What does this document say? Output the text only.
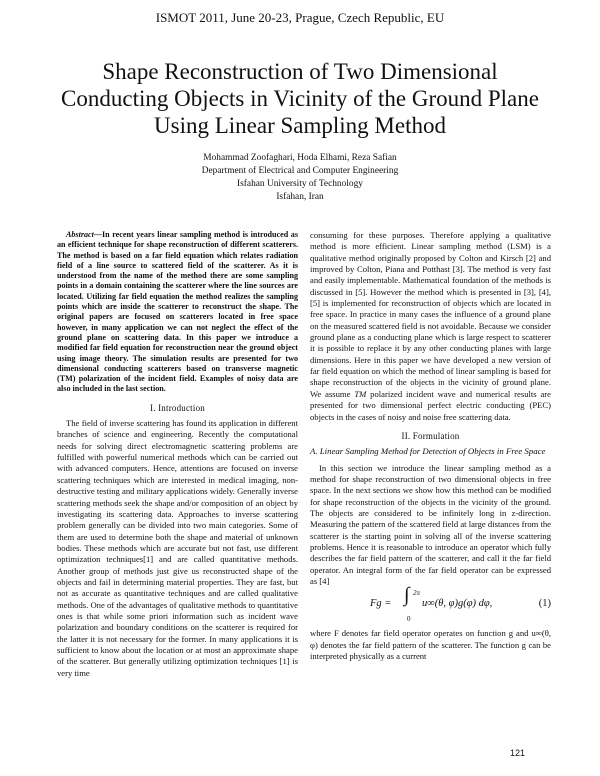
ISMOT 2011, June 20-23, Prague, Czech Republic, EU
Shape Reconstruction of Two Dimensional
Conducting Objects in Vicinity of the Ground Plane
Using Linear Sampling Method
Mohammad Zoofaghari, Hoda Elhami, Reza Safian
Department of Electrical and Computer Engineering
Isfahan University of Technology
Isfahan, Iran

Abstract—In recent years linear sampling method is introduced as an efficient technique for shape reconstruction of different scatterers. The method is based on a far field equation which relates radiation field of a line source to scattered field of the scatterer. As it is understood from the name of the method there are some sampling points in a domain containing the scatterer where the line sources are located. Utilizing far field equation the method realizes the sampling points which are inside the scatterer to reconstruct the shape. The original papers are focused on scatterers located in free space however, in many application we can not neglect the effect of the ground plane on scattering data. In this paper we introduce a modified far field equation for reconstruction near the ground object using image theory. The simulation results are presented for two dimensional conducting scatterers based on transverse magnetic (TM) polarization of the incident field. Examples of noisy data are also included in the last section.

I. Introduction

The field of inverse scattering has found its application in different branches of science and engineering. Recently the computational needs for solving direct electromagnetic scattering problems are fulfilled with powerful numerical methods which can be carried out with advanced computers. Hence, attentions are focused on inverse scattering techniques which are interested in medical imaging, non-destructive testing and military applications widely. Generally inverse scattering methods seek the shape and/or composition of an object by investigating its scattering data. Approaches to inverse scattering problem generally can be divided into two main categories. Some of them are used to determine both the shape and material of unknown bodies. These methods which are accurate but not fast, use different optimization techniques[1] and are called quantitative methods. Another group of methods just give us reconstructed shape of the objects and fail in determining material properties. They are fast, but not as accurate as quantitative techniques and are called qualitative methods. One of the advantages of qualitative methods to quantitative ones is that while some priori information such as incident wave polarization and boundary conditions on the scatterer is required for the latter it is not necessary for the former. In many applications it is sufficient to know about the location or at most an approximate shape of the scatterer. But generally utilizing optimization techniques [1] is very time

consuming for these purposes. Therefore applying a qualitative method is more efficient. Linear sampling method (LSM) is a qualitative method originally proposed by Colton and Kirsch [2] and improved by Colton, Piana and Potthast [3]. The method is very fast and easily implementable. Mathematical foundation of the methods is discussed in [5]. However the method which is presented in [3], [4], [5] is implemented for reconstruction of objects which are located in free space. In practice in many cases the influence of a ground plane on the measured scattered field is not avoidable. Because we consider ground plane as a conducting plane which is large respect to scatterer it is possible to replace it by any other conducting planes with large dimensions. Here in this paper we have developed a new version of far field equation on which the method of linear sampling is based for shape reconstruction of the objects in the vicinity of ground plane. We assume TM polarized incident wave and numerical results are presented for two dimensional perfect electric conducting (PEC) objects in the cases of noisy and noise free scattering data.

II. Formulation
A. Linear Sampling Method for Detection of Objects in Free Space

In this section we introduce the linear sampling method as a method for shape reconstruction of two dimensional objects in free space. In the next sections we show how this method can be modified for shape reconstruction of the objects in the vicinity of the ground. The objects are considered to be infinitely long in z-direction. Measuring the pattern of the scattered field at large distances from the scatterer is the starting point in solving all of the inverse scattering problems. Hence it is reasonable to introduce an operator which fully describes the far field pattern of the scatterer, and call it the far field operator. An integral form of the far field operator can be expressed as [4]

Fg = ∫ 2π
0
u∞(θ, φ)g(φ) dφ,	(1)

where F denotes far field operator operates on function g and u∞(θ, φ) denotes the far field pattern of the scatterer. The function g can be interpreted physically as a current

121
